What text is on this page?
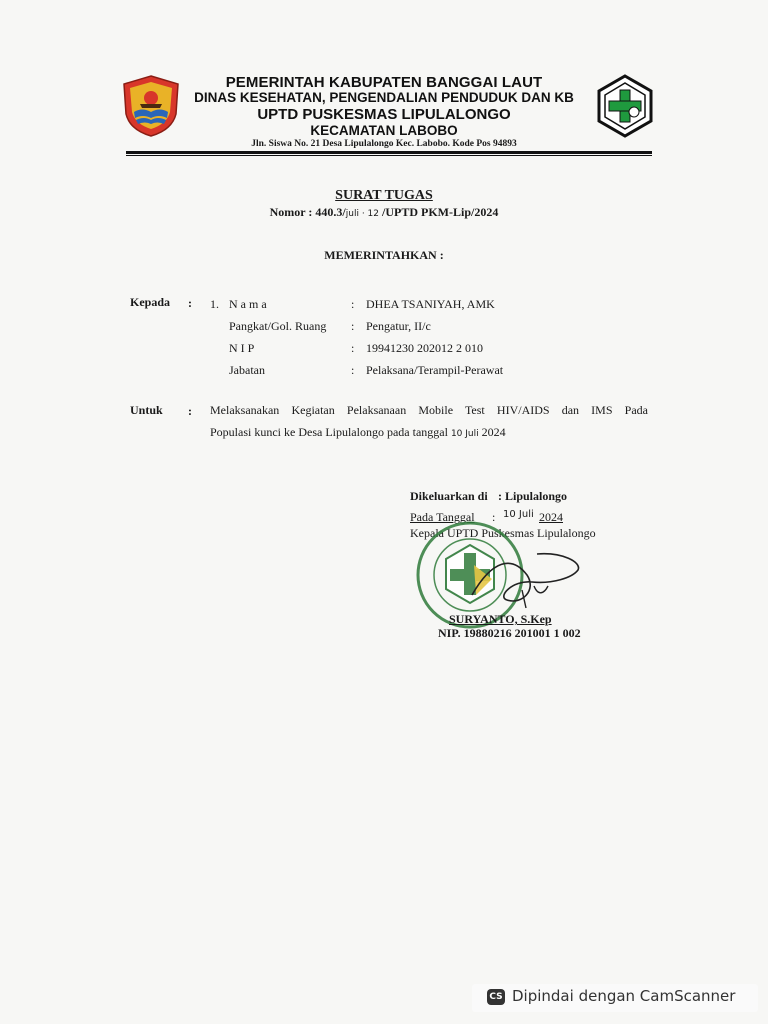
PEMERINTAH KABUPATEN BANGGAI LAUT
DINAS KESEHATAN, PENGENDALIAN PENDUDUK DAN KB
UPTD PUSKESMAS LIPULALONGO
KECAMATAN LABOBO
Jln. Siswa No. 21 Desa Lipulalongo Kec. Labobo. Kode Pos 94893
SURAT TUGAS
Nomor : 440.3/juli · 12 /UPTD PKM-Lip/2024
MEMERINTAHKAN :
Kepada : 1. N a m a	: DHEA TSANIYAH, AMK
Pangkat/Gol. Ruang : Pengatur, II/c
N I P	: 19941230 202012 2 010
Jabatan	: Pelaksana/Terampil-Perawat
Untuk : Melaksanakan Kegiatan Pelaksanaan Mobile Test HIV/AIDS dan IMS Pada
Populasi kunci ke Desa Lipulalongo pada tanggal 10 Juli 2024
Dikeluarkan di : Lipulalongo
Pada Tanggal : 10 Juli 2024
Kepala UPTD Puskesmas Lipulalongo
SURYANTO, S.Kep
NIP. 19880216 201001 1 002
CS Dipindai dengan CamScanner
